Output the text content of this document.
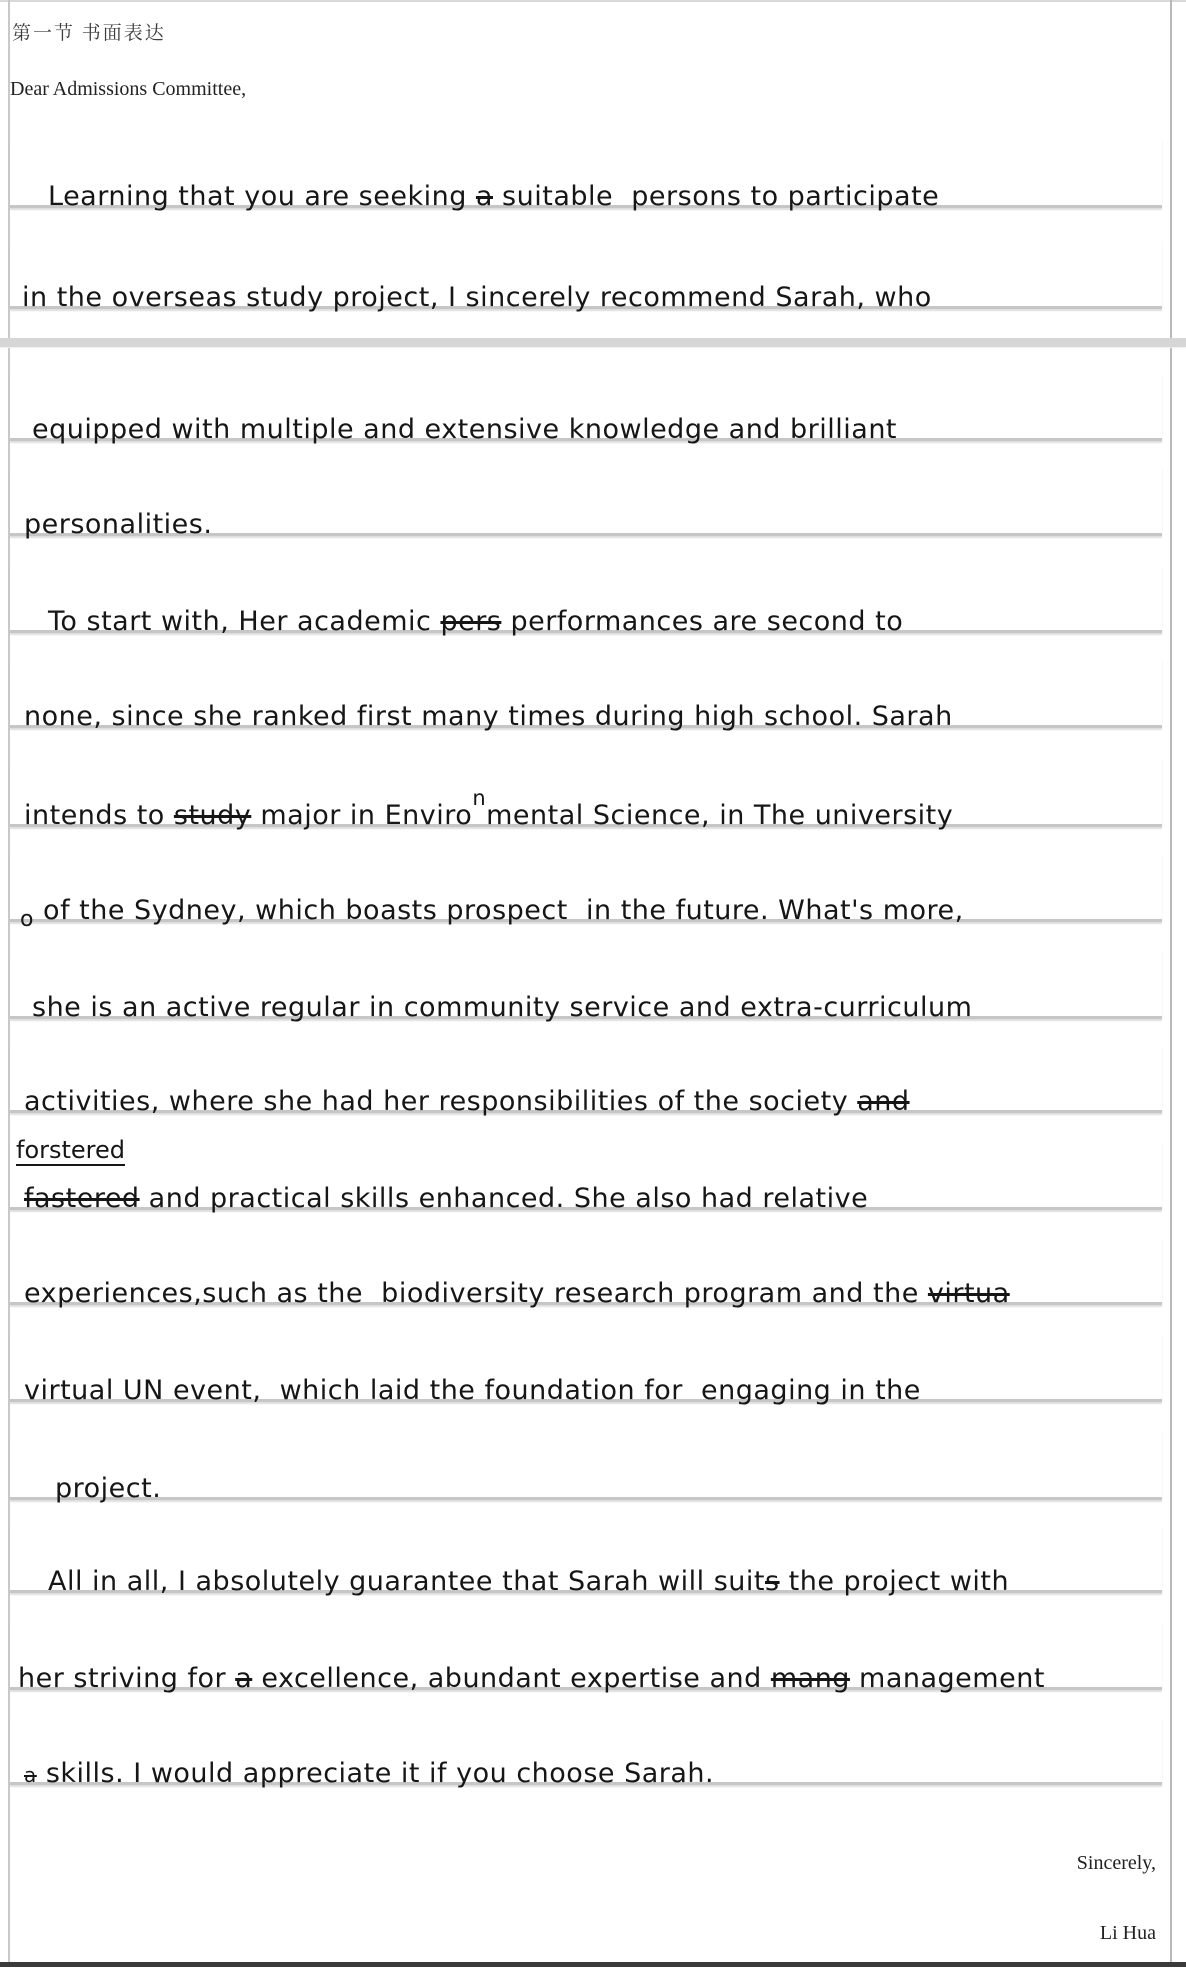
第一节 书面表达
Dear Admissions Committee,
Learning that you are seeking a suitable  persons to participate
in the overseas study project, I sincerely recommend Sarah, who
equipped with multiple and extensive knowledge and brilliant
personalities.
To start with, Her academic pers performances are second to
none, since she ranked first many times during high school. Sarah
intends to study major in Enviro$^n$mental Science, in The university
$_o$ of the Sydney, which boasts prospect  in the future. What's more,
she is an active regular in community service and extra-curriculum
activities, where she had her responsibilities of the society and
fastered and practical skills enhanced. She also had relative
experiences,such as the  biodiversity research program and the virtua
virtual UN event,  which laid the foundation for  engaging in the
project.
All in all, I absolutely guarantee that Sarah will suits the project with
her striving for a excellence, abundant expertise and mang management
a skills. I would appreciate it if you choose Sarah.
Sincerely,
Li Hua
forstered
